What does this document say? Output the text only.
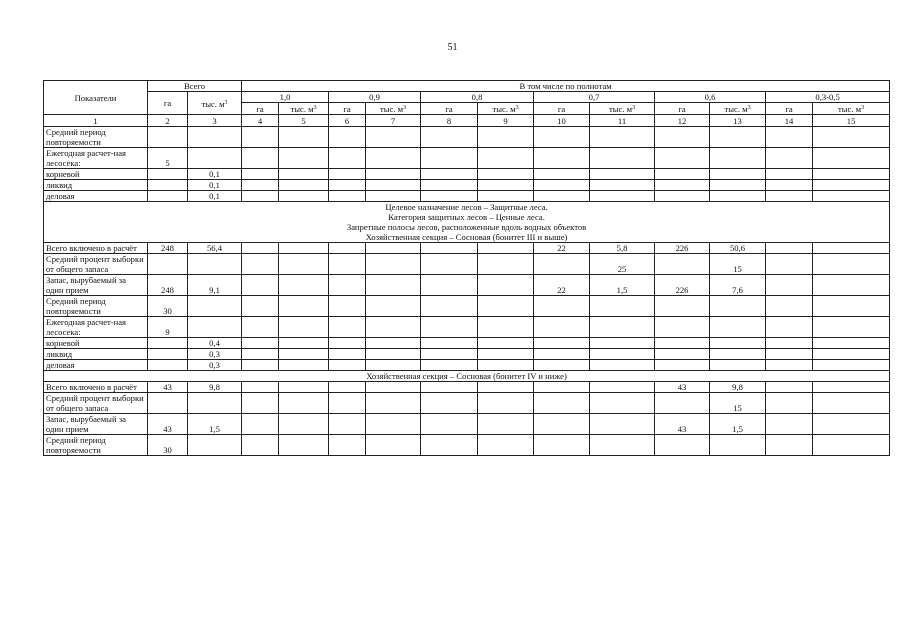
51
Показатели	Всего		В том числе по полнотам											
	га	тыс. $м^3$	1,0		0,9		0,8		0,7		0,6		0,3-0,5	
			га	тыс. $м^3$	га	тыс. $м^3$	га	тыс. $м^3$	га	тыс. $м^3$	га	тыс. $м^3$	га	тыс. $м^3$
1	2	3	4	5	6	7	8	9	10	11	12	13	14	15
Средний период повторяемости														
Ежегодная расчет-ная лесосека:	5													
корневой		0,1												
ликвид		0,1												
деловая		0,1												

Целевое назначение лесов – Защитные леса.
Категория защитных лесов – Ценные леса.
Запретные полосы лесов, расположенные вдоль водных объектов
Хозяйственная секция – Сосновая (бонитет III и выше)														

Всего включено в расчёт	248	56,4							22	5,8	226	50,6		
Средний процент выборки от общего запаса										25		15		
Запас, вырубаемый за один прием	248	9,1							22	1,5	226	7,6		
Средний период повторяемости	30													
Ежегодная расчет-ная лесосека:	9													
корневой		0,4												
ликвид		0,3												
деловая		0,3												

Хозяйственная секция – Сосновая (бонитет IV и ниже)														

Всего включено в расчёт	43	9,8									43	9,8		
Средний процент выборки от общего запаса												15		
Запас, вырубаемый за один прием	43	1,5									43	1,5		
Средний период повторяемости	30													
